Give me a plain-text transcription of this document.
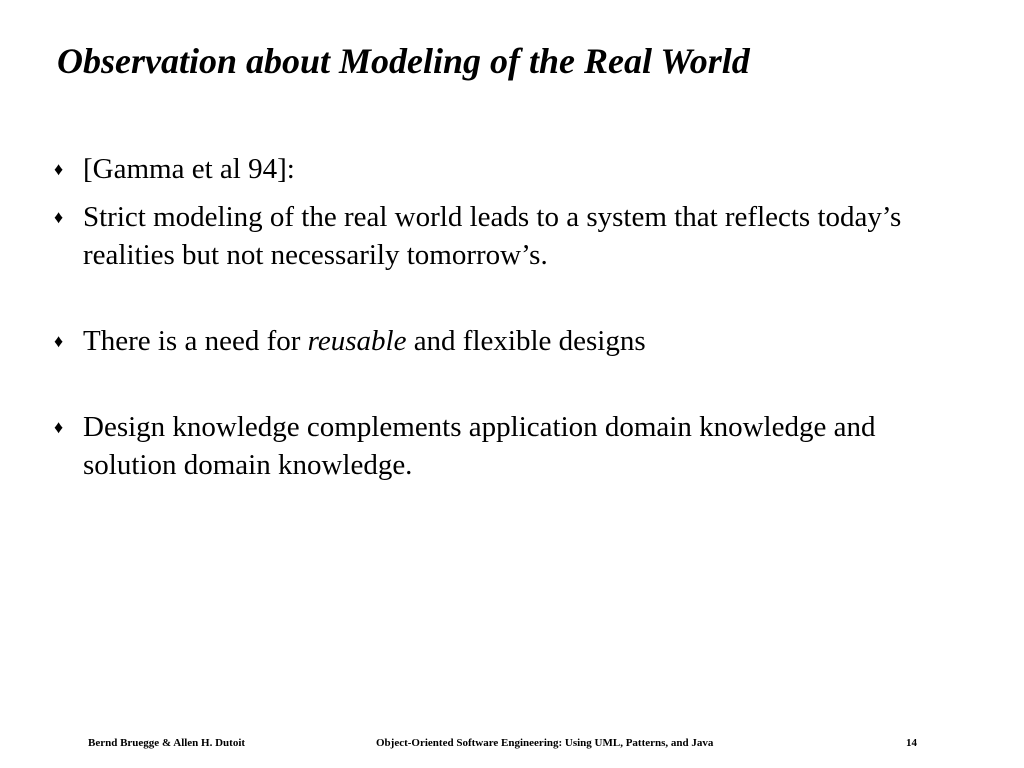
Observation about Modeling of the Real World
♦ [Gamma et al 94]:
♦ Strict modeling of the real world leads to a system that reflects today’s realities but not necessarily tomorrow’s.
♦ There is a need for reusable and flexible designs
♦ Design knowledge complements application domain knowledge and solution domain knowledge.
Bernd Bruegge & Allen H. Dutoit	Object-Oriented Software Engineering: Using UML, Patterns, and Java	14
